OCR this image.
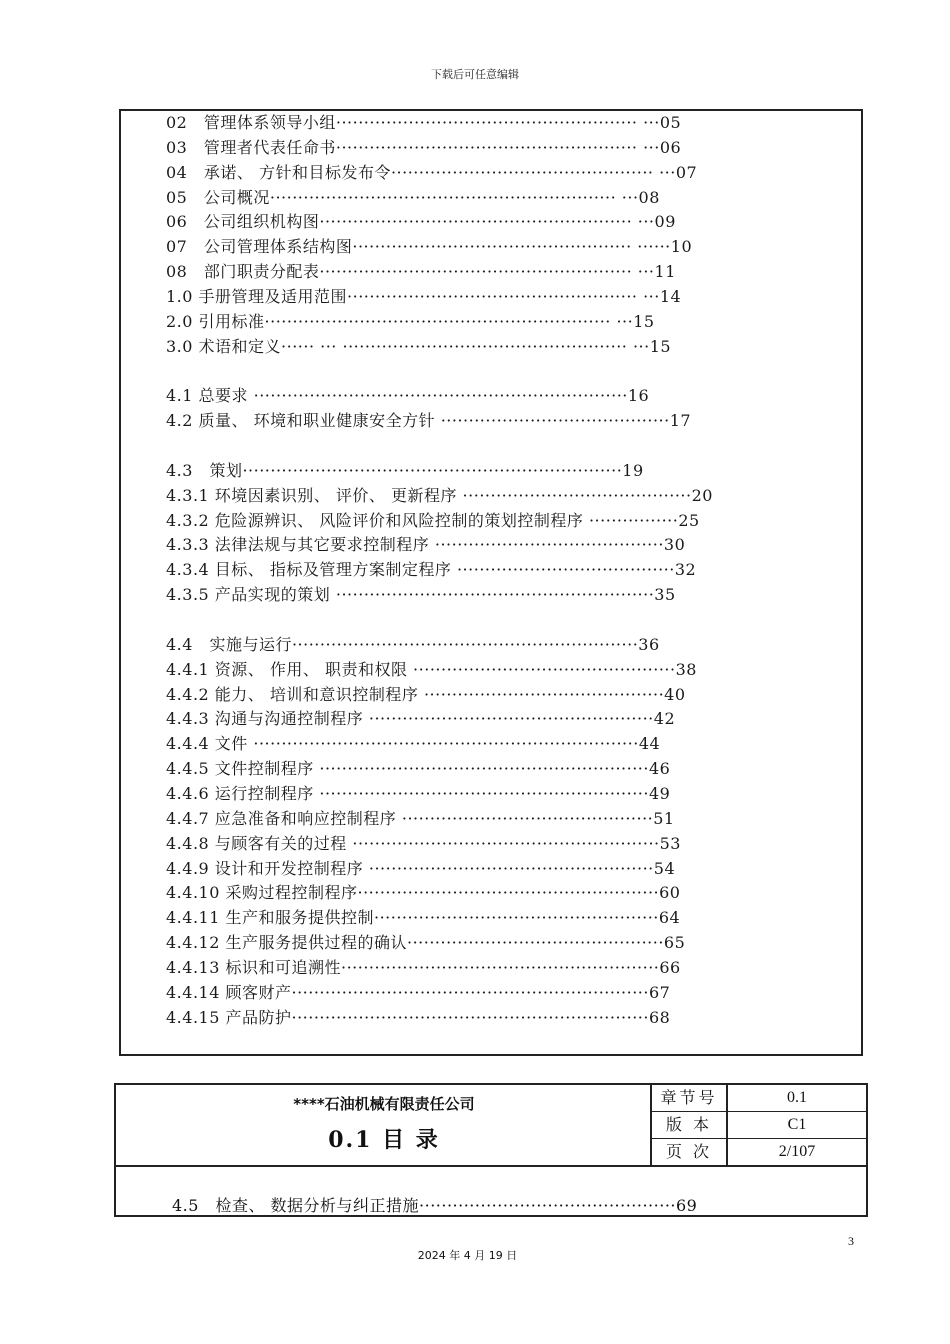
下载后可任意编辑
02　管理体系领导小组······················································ ···05
03　管理者代表任命书······················································ ···06
04　承诺、 方针和目标发布令··············································· ···07
05　公司概况······························································ ···08
06　公司组织机构图························································ ···09
07　公司管理体系结构图·················································· ······10
08　部门职责分配表························································ ···11
1.0 手册管理及适用范围···················································· ···14
2.0 引用标准······························································ ···15
3.0 术语和定义······ ··· ··················································· ···15
4.1 总要求 ···································································16
4.2 质量、 环境和职业健康安全方针 ·········································17
4.3　策划····································································19
4.3.1 环境因素识别、 评价、 更新程序 ·········································20
4.3.2 危险源辨识、 风险评价和风险控制的策划控制程序 ················25
4.3.3 法律法规与其它要求控制程序 ·········································30
4.3.4 目标、 指标及管理方案制定程序 ·······································32
4.3.5 产品实现的策划 ·························································35
4.4　实施与运行······························································36
4.4.1 资源、 作用、 职责和权限 ···············································38
4.4.2 能力、 培训和意识控制程序 ···········································40
4.4.3 沟通与沟通控制程序 ···················································42
4.4.4 文件 ·····································································44
4.4.5 文件控制程序 ···························································46
4.4.6 运行控制程序 ···························································49
4.4.7 应急准备和响应控制程序 ·············································51
4.4.8 与顾客有关的过程 ·······················································53
4.4.9 设计和开发控制程序 ···················································54
4.4.10 采购过程控制程序······················································60
4.4.11 生产和服务提供控制···················································64
4.4.12 生产服务提供过程的确认··············································65
4.4.13 标识和可追溯性·························································66
4.4.14 顾客财产································································67
4.4.15 产品防护································································68
****石油机械有限责任公司
0.1 目 录
章节号	0.1
版 本	C1
页 次	2/107
4.5　检查、 数据分析与纠正措施··············································69
3
2024 年 4 月 19 日
